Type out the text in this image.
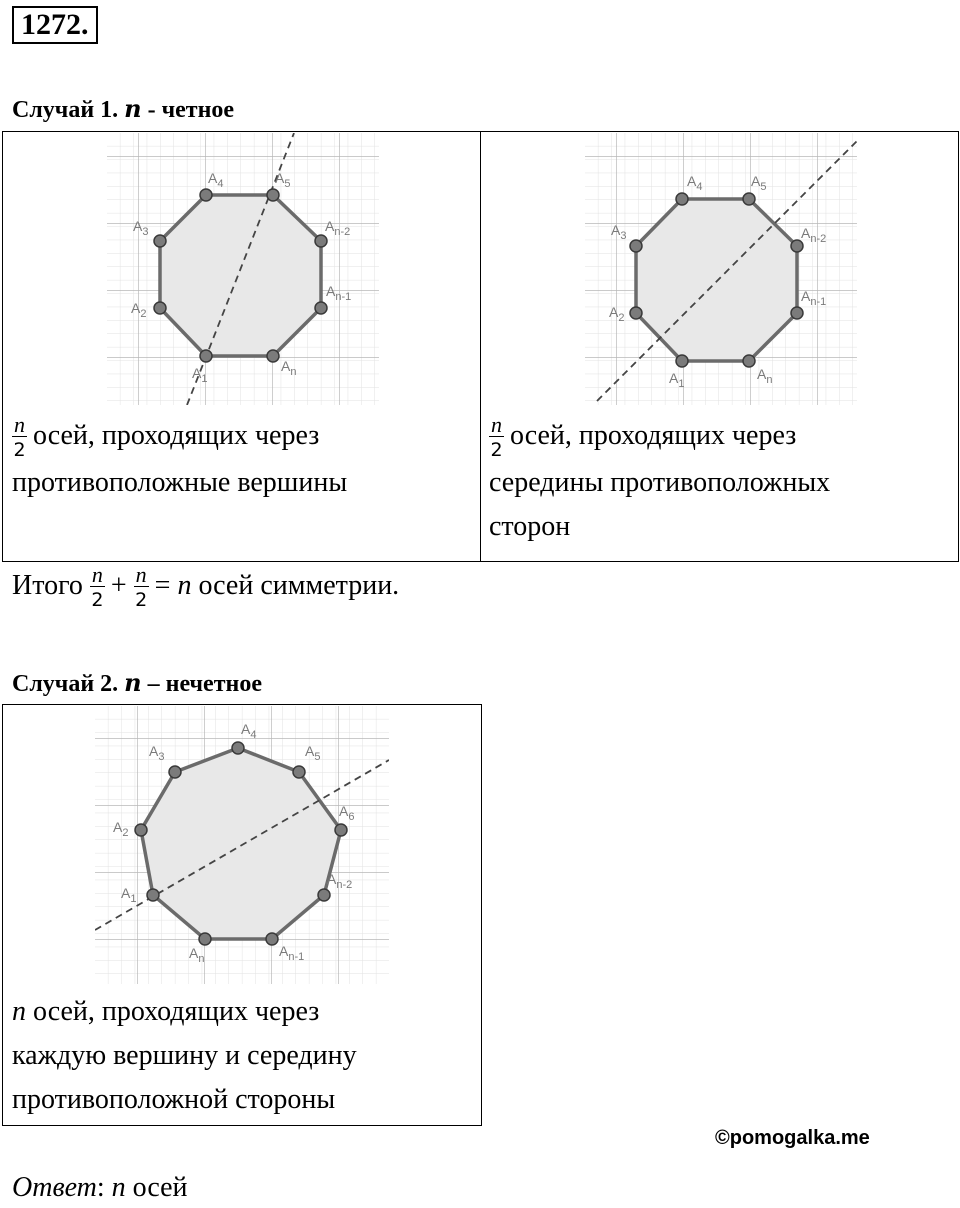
1272.
Случай 1. n - четное
$A_1$
$A_2$
$A_3$
$A_4$	$A_5$
$A_{n-2}$
$A_{n-1}$
$A_n$	$A_1$
$A_2$
$A_3$
$A_4$	$A_5$
$A_{n-2}$
$A_{n-1}$
$A_n$
$\frac{n}{2}$ осей, проходящих через
противоположные вершины
$\frac{n}{2}$ осей, проходящих через
середины противоположных
сторон
Итого $\frac{n}{2} + \frac{n}{2} = n$ осей симметрии.
Случай 2. n – нечетное
$A_1$
$A_2$
$A_3$
$A_4$
$A_5$
$A_6$
$A_{n-2}$
$A_{n-1}$
$A_n$
n осей, проходящих через
каждую вершину и середину
противоположной стороны
©pomogalka.me
Ответ: n осей
